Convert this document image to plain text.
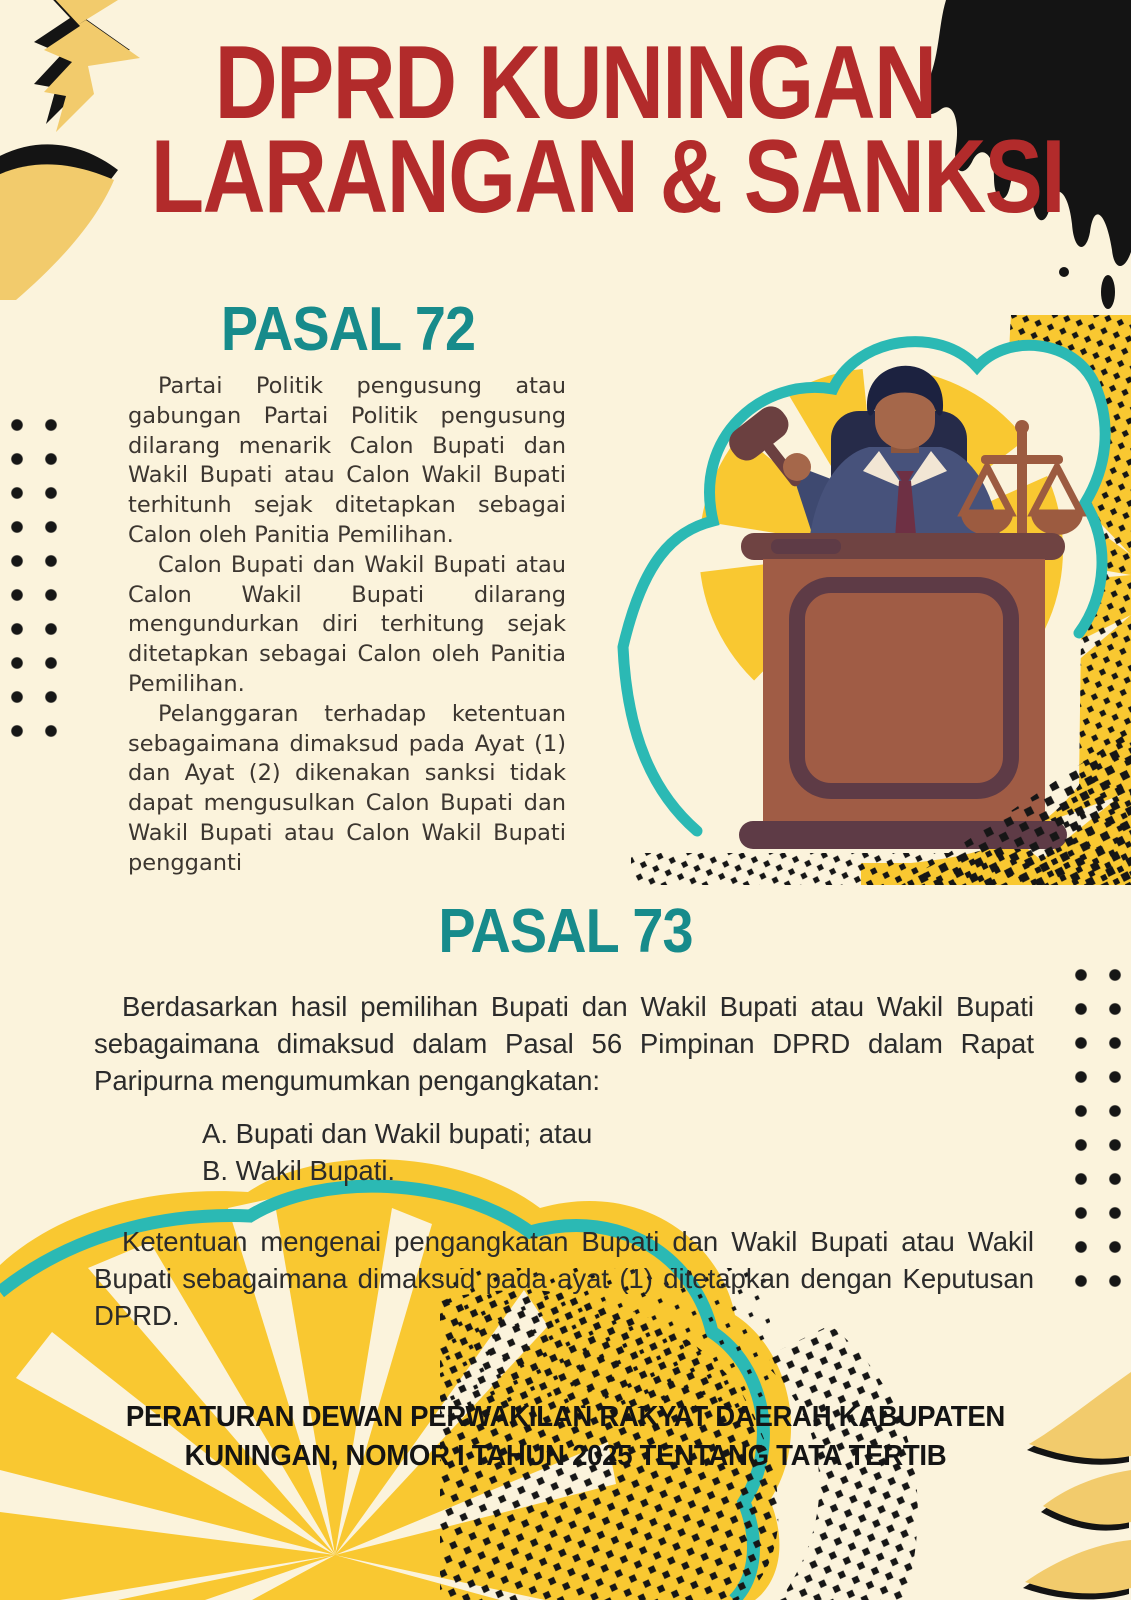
DPRD KUNINGAN
LARANGAN & SANKSI
PASAL 72

Partai Politik pengusung atau gabungan Partai Politik pengusung dilarang menarik Calon Bupati dan Wakil Bupati atau Calon Wakil Bupati terhitunh sejak ditetapkan sebagai Calon oleh Panitia Pemilihan.

Calon Bupati dan Wakil Bupati atau Calon Wakil Bupati dilarang mengundurkan diri terhitung sejak ditetapkan sebagai Calon oleh Panitia Pemilihan.

Pelanggaran terhadap ketentuan sebagaimana dimaksud pada Ayat (1) dan Ayat (2) dikenakan sanksi tidak dapat mengusulkan Calon Bupati dan Wakil Bupati atau Calon Wakil Bupati pengganti

PASAL 73

Berdasarkan hasil pemilihan Bupati dan Wakil Bupati atau Wakil Bupati sebagaimana dimaksud dalam Pasal 56 Pimpinan DPRD dalam Rapat Paripurna mengumumkan pengangkatan:

A. Bupati dan Wakil bupati; atau
B. Wakil Bupati.

Ketentuan mengenai pengangkatan Bupati dan Wakil Bupati atau Wakil Bupati sebagaimana dimaksud pada ayat (1) ditetapkan dengan Keputusan DPRD.

PERATURAN DEWAN PERWAKILAN RAKYAT DAERAH KABUPATEN
KUNINGAN, NOMOR I TAHUN 2025 TENTANG TATA TERTIB
